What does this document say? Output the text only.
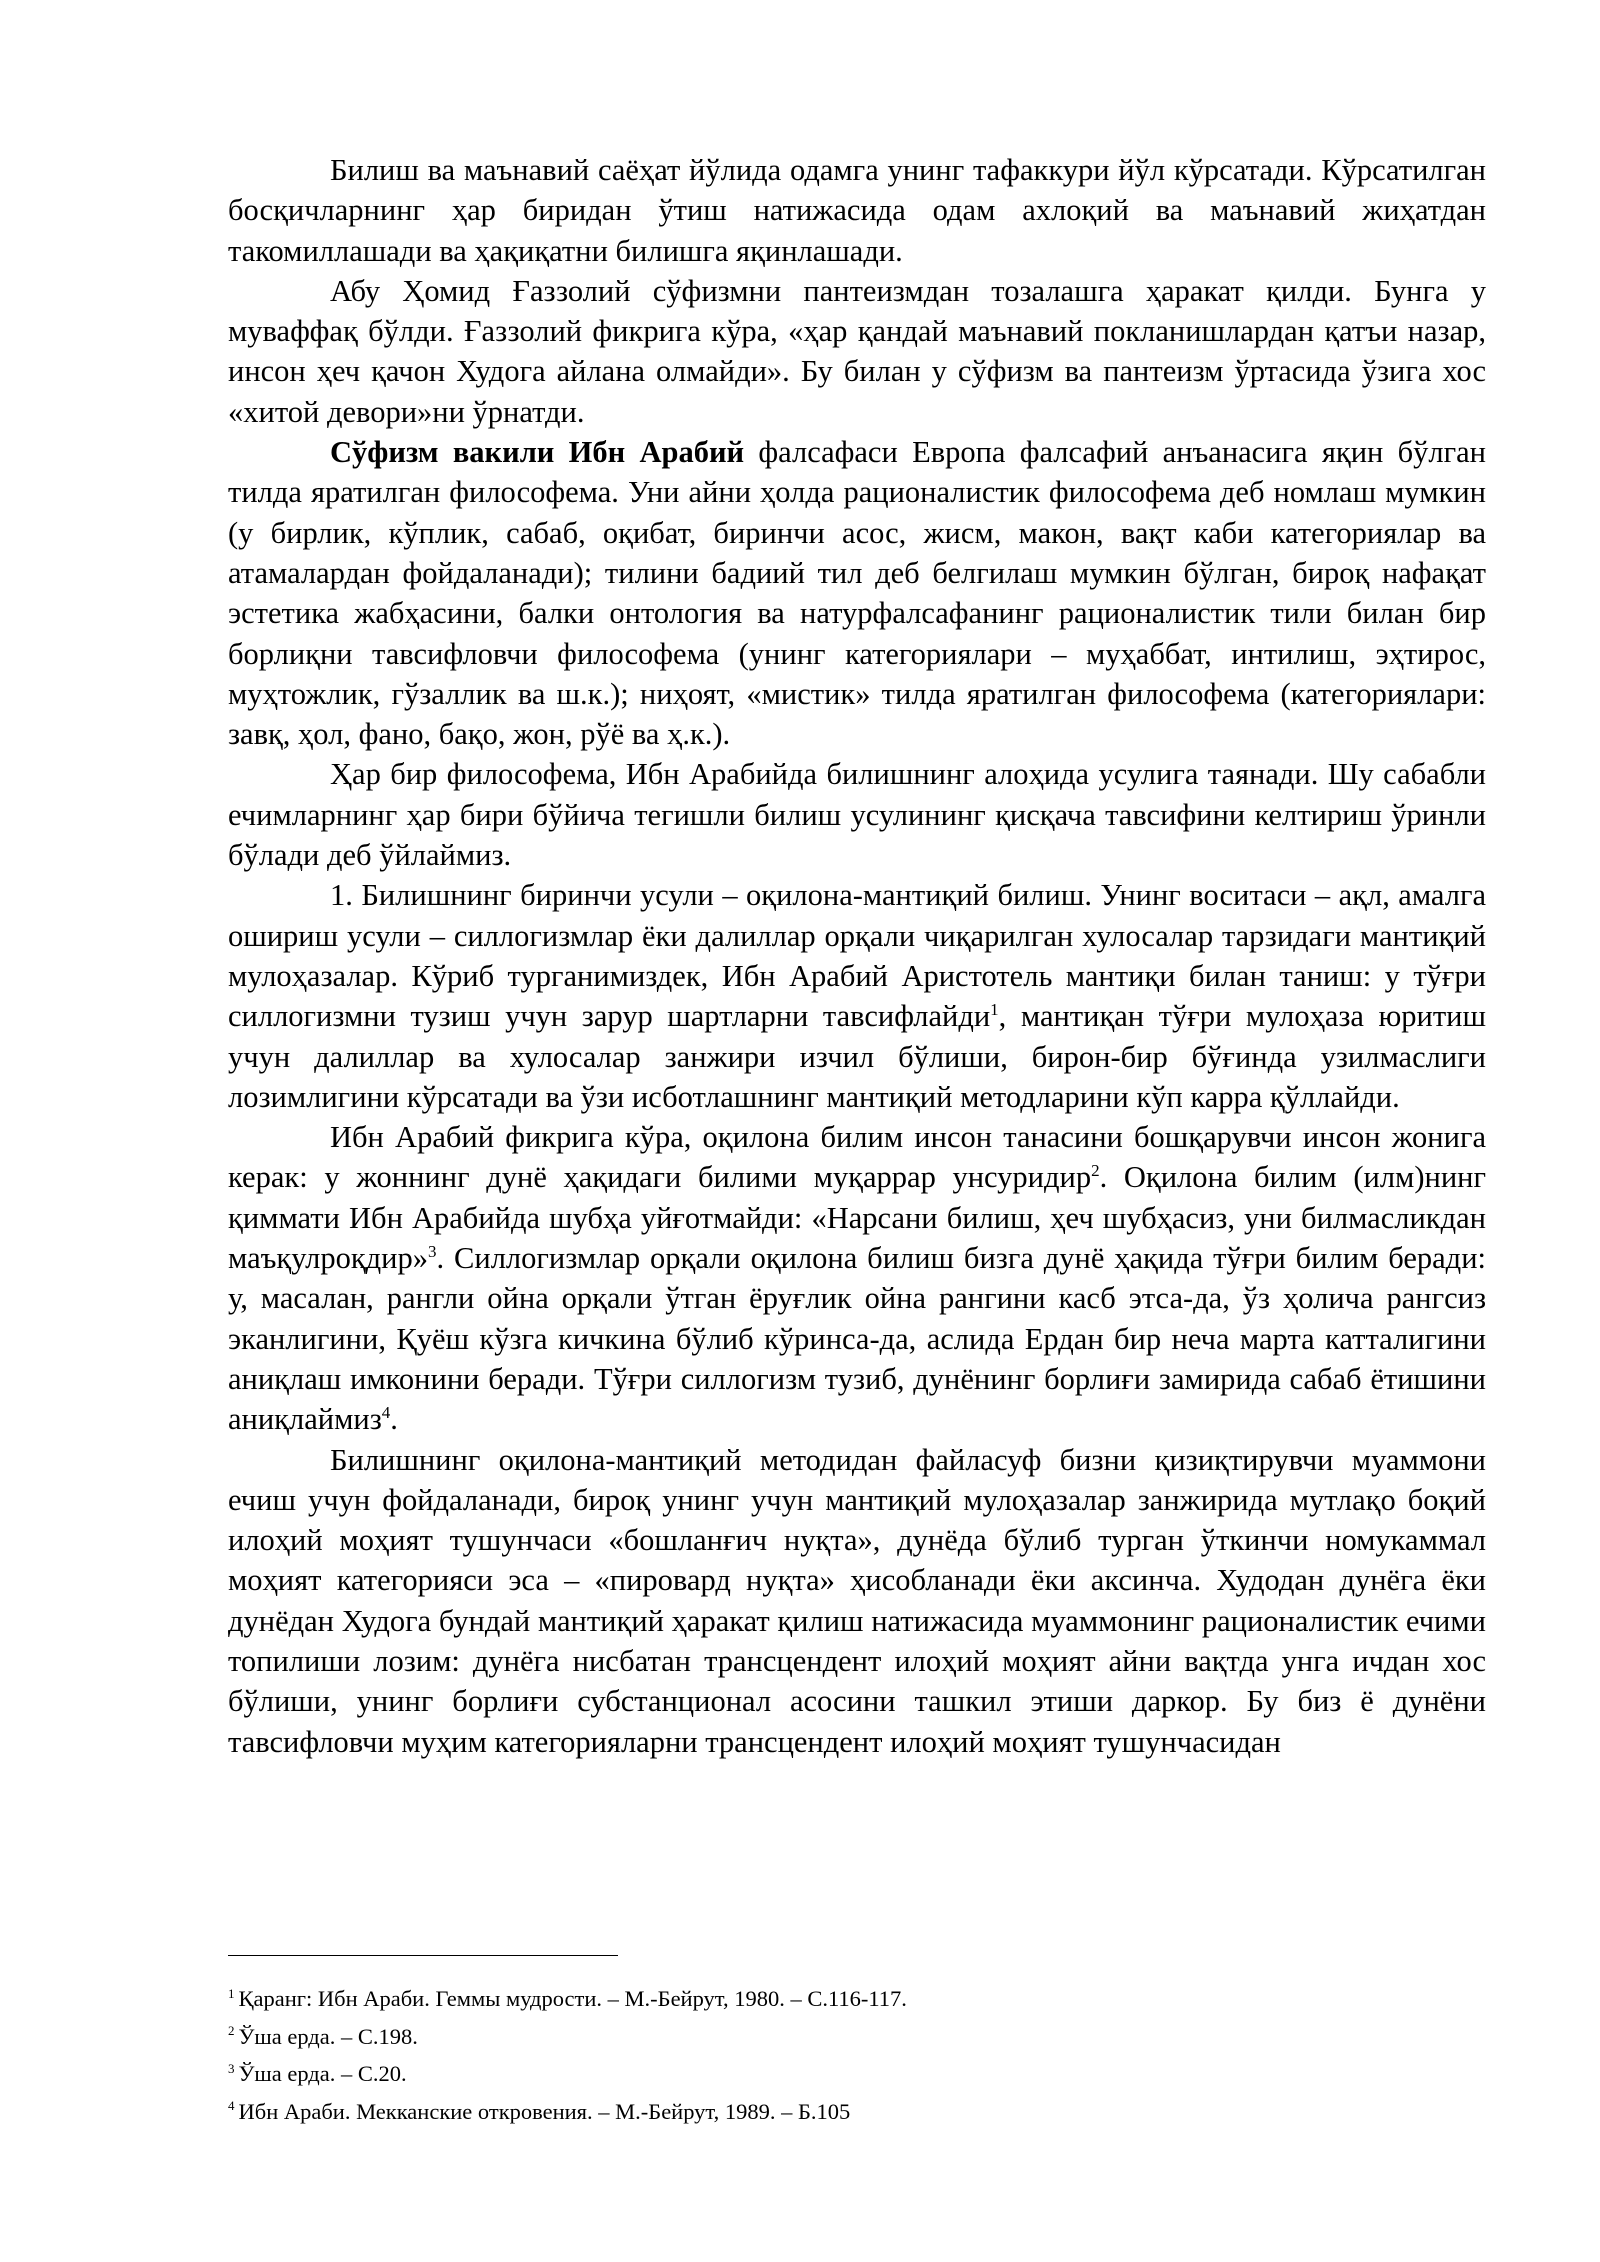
Билиш ва маънавий саёҳат йўлида одамга унинг тафаккури йўл кўрсатади. Кўрсатилган босқичларнинг ҳар биридан ўтиш натижасида одам ахлоқий ва маънавий жиҳатдан такомиллашади ва ҳақиқатни билишга яқинлашади.

Абу Ҳомид Ғаззолий сўфизмни пантеизмдан тозалашга ҳаракат қилди. Бунга у муваффақ бўлди. Ғаззолий фикрига кўра, «ҳар қандай маънавий покланишлардан қатъи назар, инсон ҳеч қачон Худога айлана олмайди». Бу билан у сўфизм ва пантеизм ўртасида ўзига хос «хитой девори»ни ўрнатди.

Сўфизм вакили Ибн Арабий фалсафаси Европа фалсафий анъанасига яқин бўлган тилда яратилган философема. Уни айни ҳолда рационалистик философема деб номлаш мумкин (у бирлик, кўплик, сабаб, оқибат, биринчи асос, жисм, макон, вақт каби категориялар ва атамалардан фойдаланади); тилини бадиий тил деб белгилаш мумкин бўлган, бироқ нафақат эстетика жабҳасини, балки онтология ва натурфалсафанинг рационалистик тили билан бир борлиқни тавсифловчи философема (унинг категориялари – муҳаббат, интилиш, эҳтирос, муҳтожлик, гўзаллик ва ш.к.); ниҳоят, «мистик» тилда яратилган философема (категориялари: завқ, ҳол, фано, бақо, жон, рўё ва ҳ.к.).

Ҳар бир философема, Ибн Арабийда билишнинг алоҳида усулига таянади. Шу сабабли ечимларнинг ҳар бири бўйича тегишли билиш усулининг қисқача тавсифини келтириш ўринли бўлади деб ўйлаймиз.

1. Билишнинг биринчи усули – оқилона-мантиқий билиш. Унинг воситаси – ақл, амалга ошириш усули – силлогизмлар ёки далиллар орқали чиқарилган хулосалар тарзидаги мантиқий мулоҳазалар. Кўриб турганимиздек, Ибн Арабий Аристотель мантиқи билан таниш: у тўғри силлогизмни тузиш учун зарур шартларни тавсифлайди$^1$, мантиқан тўғри мулоҳаза юритиш учун далиллар ва хулосалар занжири изчил бўлиши, бирон-бир бўғинда узилмаслиги лозимлигини кўрсатади ва ўзи исботлашнинг мантиқий методларини кўп карра қўллайди.

Ибн Арабий фикрига кўра, оқилона билим инсон танасини бошқарувчи инсон жонига керак: у жоннинг дунё ҳақидаги билими муқаррар унсуридир$^2$. Оқилона билим (илм)нинг қиммати Ибн Арабийда шубҳа уйғотмайди: «Нарсани билиш, ҳеч шубҳасиз, уни билмасликдан маъқулроқдир»$^3$. Силлогизмлар орқали оқилона билиш бизга дунё ҳақида тўғри билим беради: у, масалан, рангли ойна орқали ўтган ёруғлик ойна рангини касб этса-да, ўз ҳолича рангсиз эканлигини, Қуёш кўзга кичкина бўлиб кўринса-да, аслида Ердан бир неча марта катталигини аниқлаш имконини беради. Тўғри силлогизм тузиб, дунёнинг борлиғи замирида сабаб ётишини аниқлаймиз$^4$.

Билишнинг оқилона-мантиқий методидан файласуф бизни қизиқтирувчи муаммони ечиш учун фойдаланади, бироқ унинг учун мантиқий мулоҳазалар занжирида мутлақо боқий илоҳий моҳият тушунчаси «бошланғич нуқта», дунёда бўлиб турган ўткинчи номукаммал моҳият категорияси эса – «пировард нуқта» ҳисобланади ёки аксинча. Худодан дунёга ёки дунёдан Худога бундай мантиқий ҳаракат қилиш натижасида муаммонинг рационалистик ечими топилиши лозим: дунёга нисбатан трансцендент илоҳий моҳият айни вақтда унга ичдан хос бўлиши, унинг борлиғи субстанционал асосини ташкил этиши даркор. Бу биз ё дунёни тавсифловчи муҳим категорияларни трансцендент илоҳий моҳият тушунчасидан

$^1$ Қаранг: Ибн Араби. Геммы мудрости. – М.-Бейрут, 1980. – С.116-117.

$^2$ Ўша ерда. – С.198.

$^3$ Ўша ерда. – С.20.

$^4$ Ибн Араби. Мекканские откровения. – М.-Бейрут, 1989. – Б.105
